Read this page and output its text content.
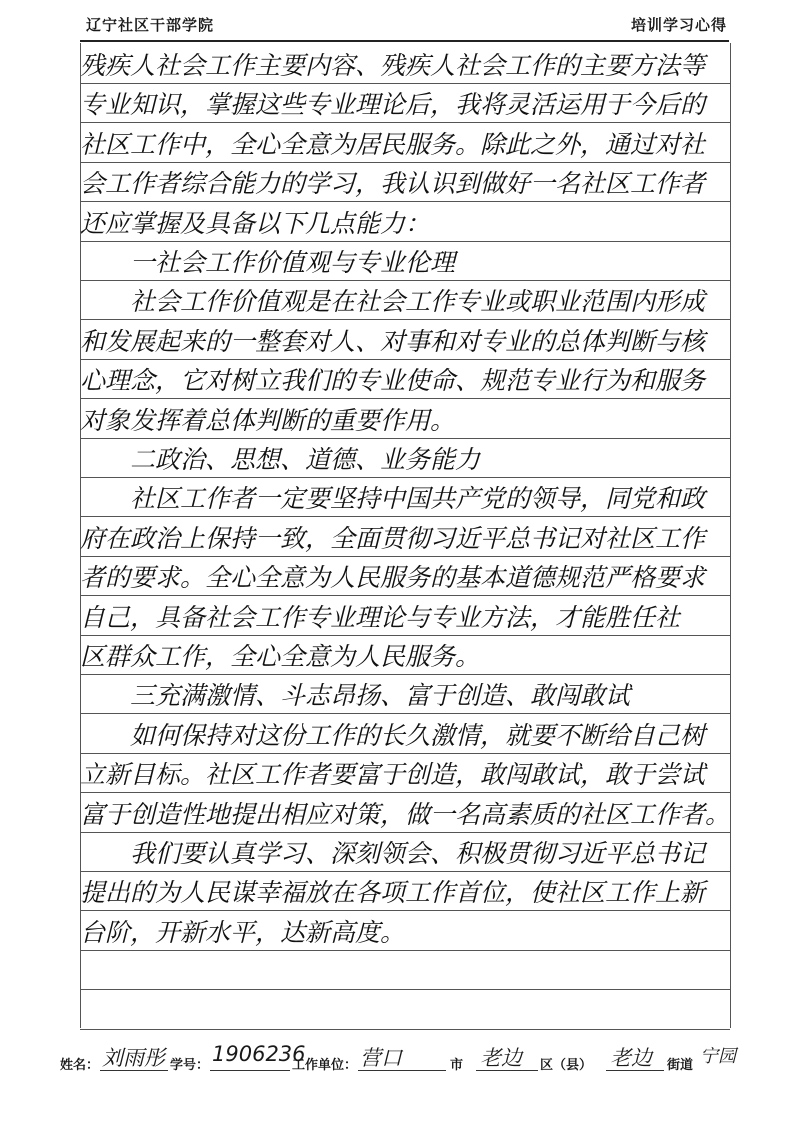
辽宁社区干部学院	培训学习心得
残疾人社会工作主要内容、残疾人社会工作的主要方法等
专业知识，掌握这些专业理论后，我将灵活运用于今后的
社区工作中，全心全意为居民服务。除此之外，通过对社
会工作者综合能力的学习，我认识到做好一名社区工作者
还应掌握及具备以下几点能力：
　　一社会工作价值观与专业伦理
　　社会工作价值观是在社会工作专业或职业范围内形成
和发展起来的一整套对人、对事和对专业的总体判断与核
心理念，它对树立我们的专业使命、规范专业行为和服务
对象发挥着总体判断的重要作用。
　　二政治、思想、道德、业务能力
　　社区工作者一定要坚持中国共产党的领导，同党和政
府在政治上保持一致，全面贯彻习近平总书记对社区工作
者的要求。全心全意为人民服务的基本道德规范严格要求
自己，具备社会工作专业理论与专业方法，才能胜任社
区群众工作，全心全意为人民服务。
　　三充满激情、斗志昂扬、富于创造、敢闯敢试
　　如何保持对这份工作的长久激情，就要不断给自己树
立新目标。社区工作者要富于创造，敢闯敢试，敢于尝试
富于创造性地提出相应对策，做一名高素质的社区工作者。
　　我们要认真学习、深刻领会、积极贯彻习近平总书记
提出的为人民谋幸福放在各项工作首位，使社区工作上新
台阶，开新水平，达新高度。
姓名： 刘雨彤 学号： 1906236
工作单位： 营口	市 老边 区（县） 老边 街道 宁园
